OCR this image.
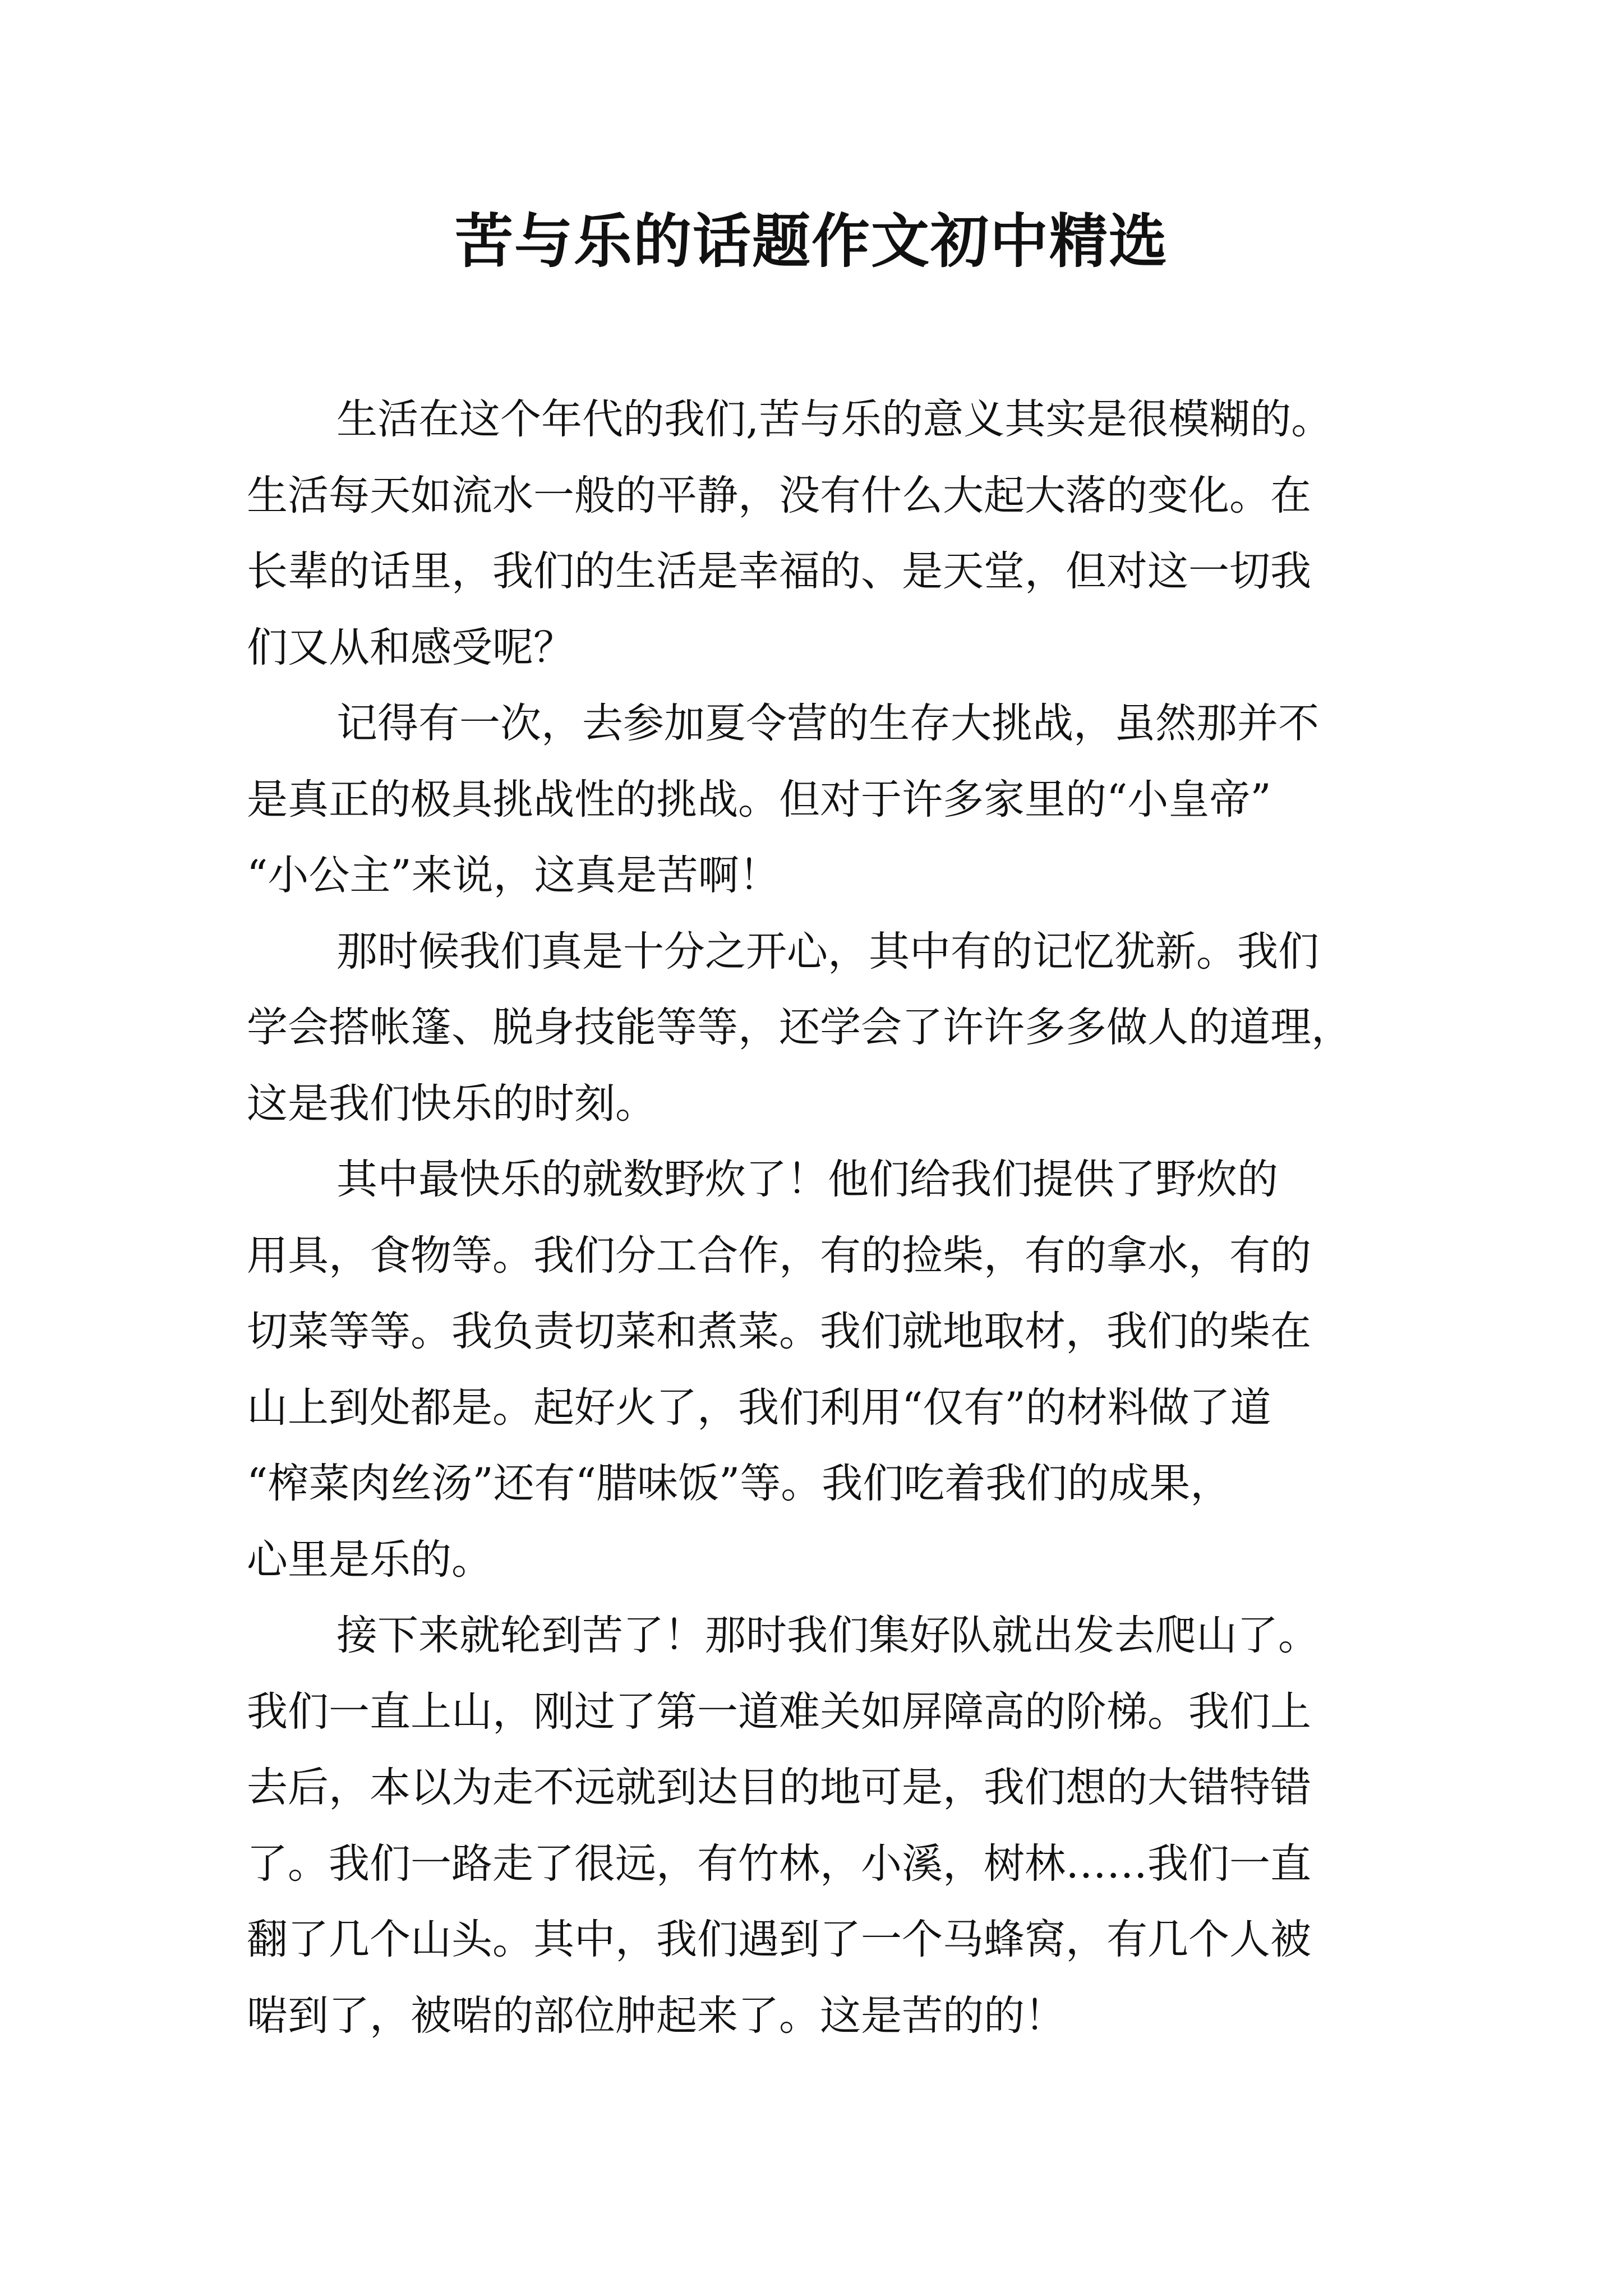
苦与乐的话题作文初中精选
生活在这个年代的我们,苦与乐的意义其实是很模糊的。
生活每天如流水一般的平静，没有什么大起大落的变化。在
长辈的话里，我们的生活是幸福的、是天堂，但对这一切我
们又从和感受呢？
记得有一次，去参加夏令营的生存大挑战，虽然那并不
是真正的极具挑战性的挑战。但对于许多家里的“小皇帝”
“小公主”来说，这真是苦啊！
那时候我们真是十分之开心，其中有的记忆犹新。我们
学会搭帐篷、脱身技能等等，还学会了许许多多做人的道理，
这是我们快乐的时刻。
其中最快乐的就数野炊了！他们给我们提供了野炊的
用具，食物等。我们分工合作，有的捡柴，有的拿水，有的
切菜等等。我负责切菜和煮菜。我们就地取材，我们的柴在
山上到处都是。起好火了，我们利用“仅有”的材料做了道
“榨菜肉丝汤”还有“腊味饭”等。我们吃着我们的成果，
心里是乐的。
接下来就轮到苦了！那时我们集好队就出发去爬山了。
我们一直上山，刚过了第一道难关如屏障高的阶梯。我们上
去后，本以为走不远就到达目的地可是，我们想的大错特错
了。我们一路走了很远，有竹林，小溪，树林……我们一直
翻了几个山头。其中，我们遇到了一个马蜂窝，有几个人被
啱到了，被啱的部位肿起来了。这是苦的的！
